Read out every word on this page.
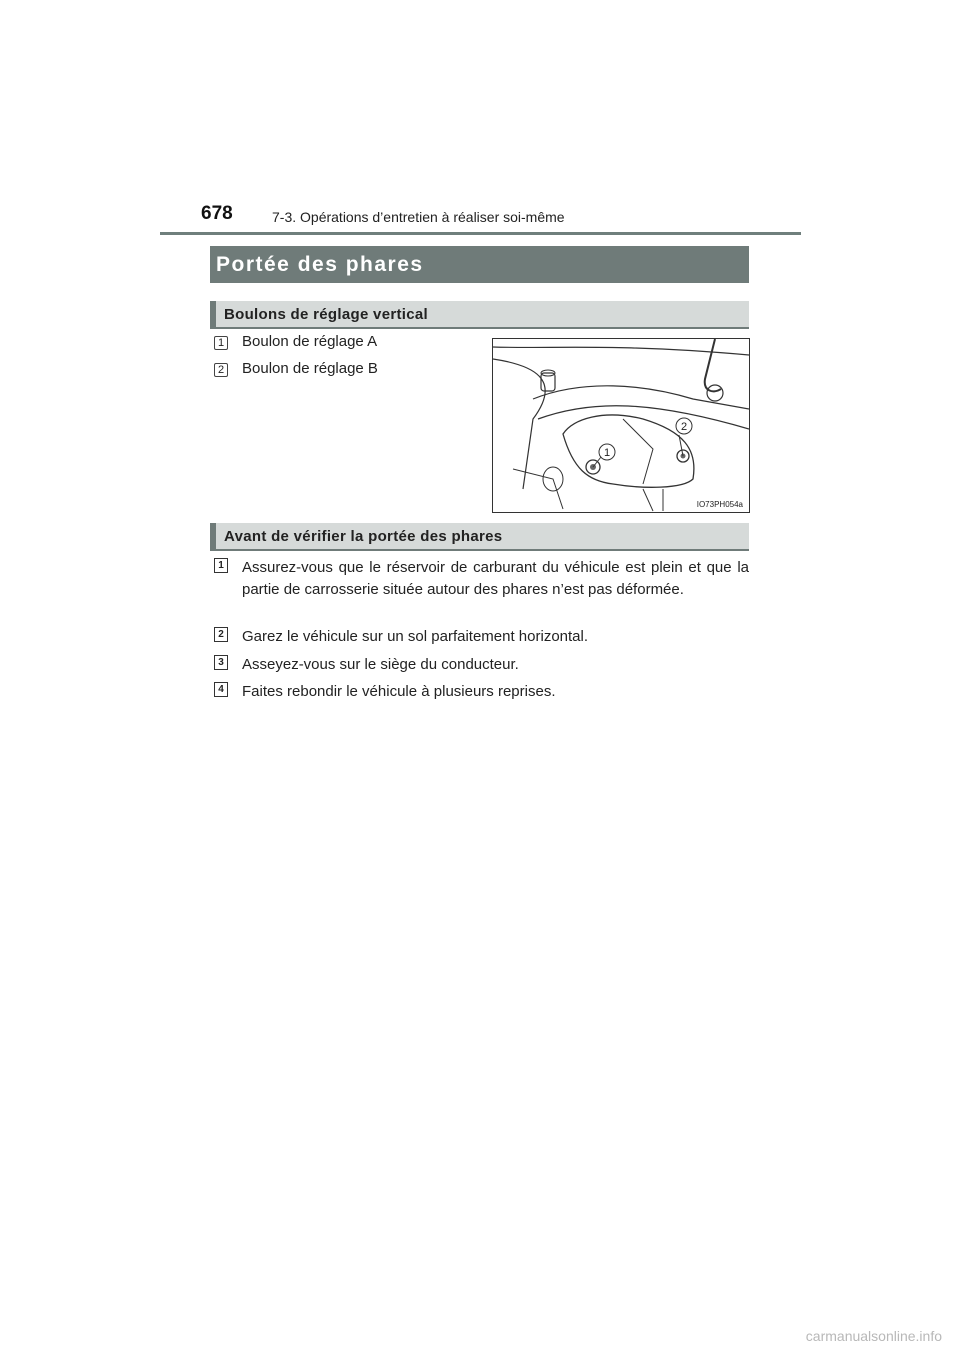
678	7-3. Opérations d’entretien à réaliser soi-même
Portée des phares
Boulons de réglage vertical
1 Boulon de réglage A
2 Boulon de réglage B
1
2
IO73PH054a
Avant de vérifier la portée des phares
1 Assurez-vous que le réservoir de carburant du véhicule est plein et que la partie de carrosserie située autour des phares n’est pas déformée.
2 Garez le véhicule sur un sol parfaitement horizontal.
3 Asseyez-vous sur le siège du conducteur.
4 Faites rebondir le véhicule à plusieurs reprises.
carmanualsonline.info
